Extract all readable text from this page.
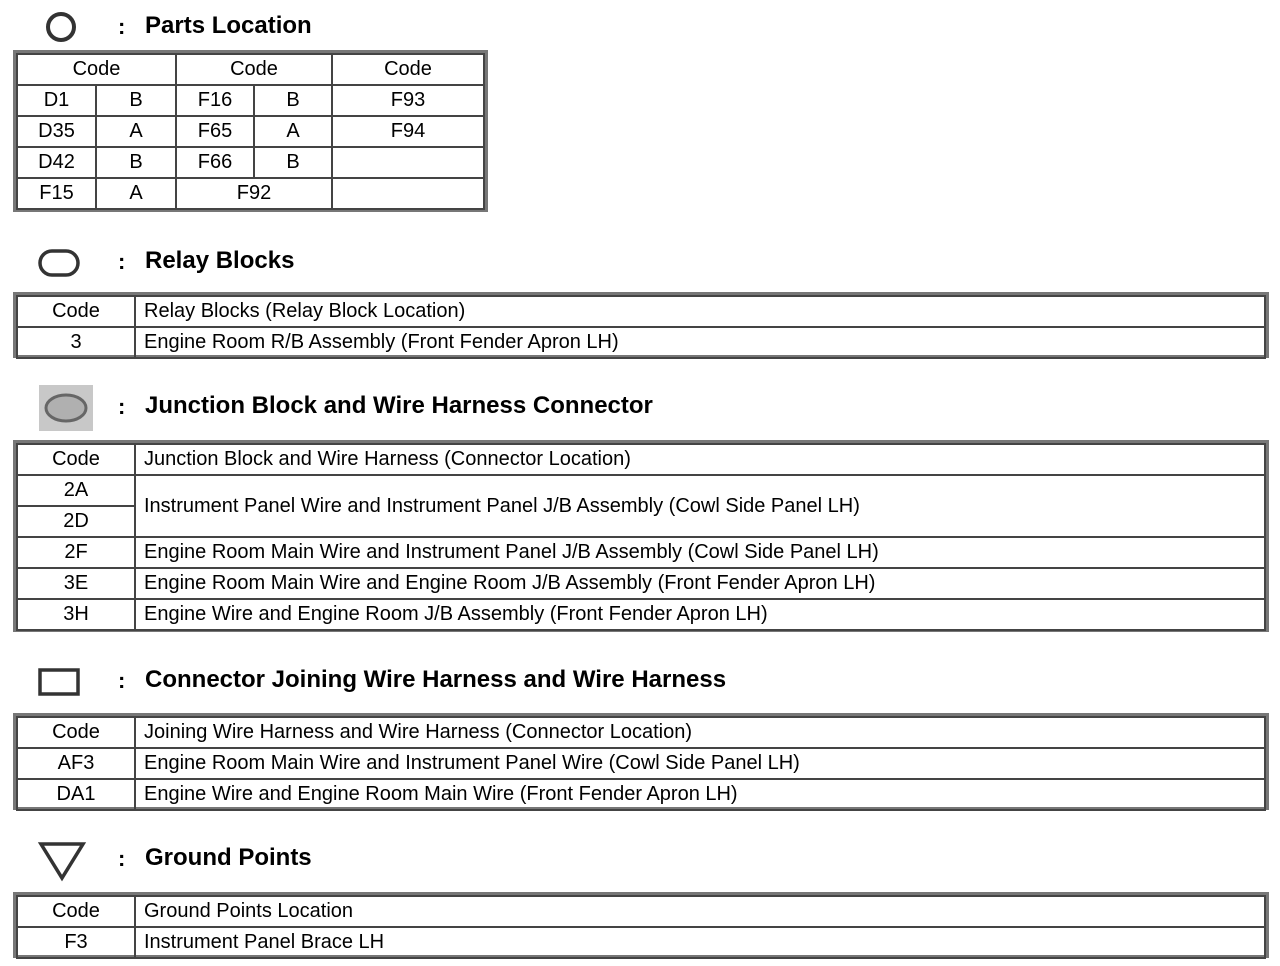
: Parts Location
Code		Code		Code
D1	B	F16	B	F93
D35	A	F65	A	F94
D42	B	F66	B	
F15	A	F92		
: Relay Blocks
Code	Relay Blocks (Relay Block Location)
3	Engine Room R/B Assembly (Front Fender Apron LH)
: Junction Block and Wire Harness Connector
Code	Junction Block and Wire Harness (Connector Location)
2A	Instrument Panel Wire and Instrument Panel J/B Assembly (Cowl Side Panel LH)
2D	
2F	Engine Room Main Wire and Instrument Panel J/B Assembly (Cowl Side Panel LH)
3E	Engine Room Main Wire and Engine Room J/B Assembly (Front Fender Apron LH)
3H	Engine Wire and Engine Room J/B Assembly (Front Fender Apron LH)
: Connector Joining Wire Harness and Wire Harness
Code	Joining Wire Harness and Wire Harness (Connector Location)
AF3	Engine Room Main Wire and Instrument Panel Wire (Cowl Side Panel LH)
DA1	Engine Wire and Engine Room Main Wire (Front Fender Apron LH)
: Ground Points
Code	Ground Points Location
F3	Instrument Panel Brace LH
